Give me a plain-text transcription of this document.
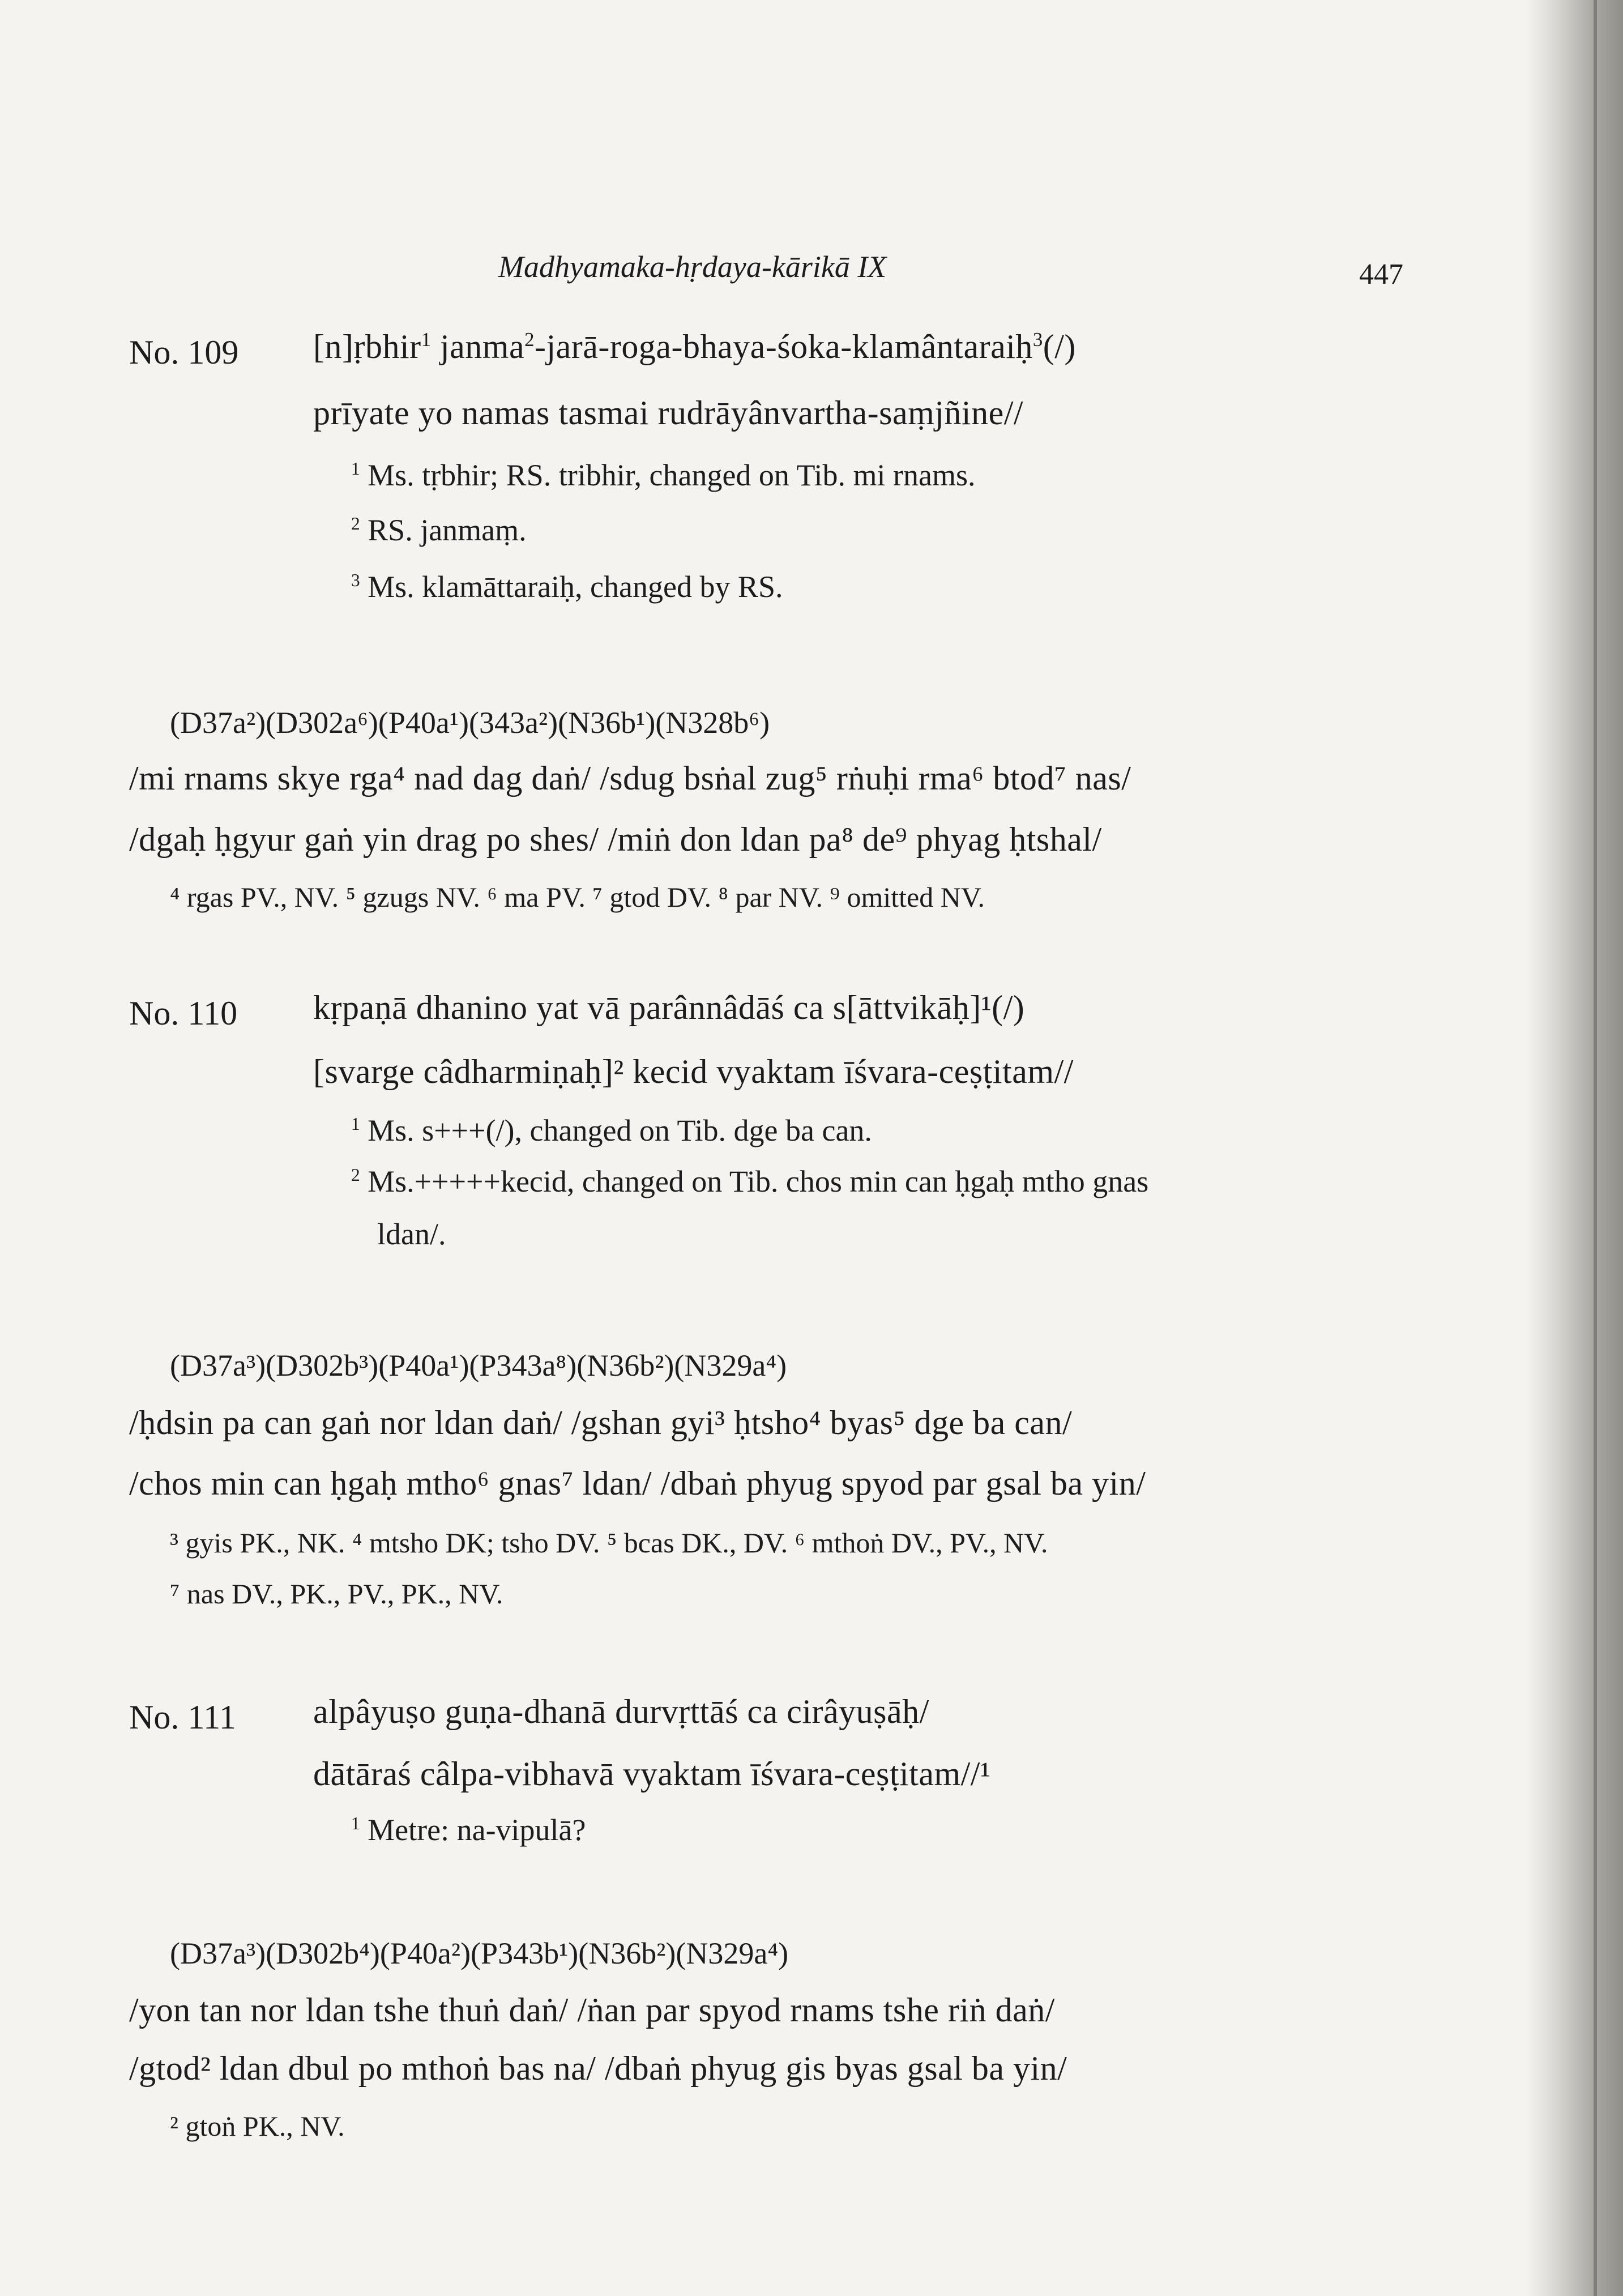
Madhyamaka-hṛdaya-kārikā IX	447
No. 109 [n]ṛbhir$^1$ janma$^2$-jarā-roga-bhaya-śoka-klamântaraiḥ$^3$(/)
prīyate yo namas tasmai rudrāyânvartha-saṃjñine//
$^1$ Ms. tṛbhir; RS. tribhir, changed on Tib. mi rnams.
$^2$ RS. janmaṃ.
$^3$ Ms. klamāttaraiḥ, changed by RS.
(D37a²)(D302a⁶)(P40a¹)(343a²)(N36b¹)(N328b⁶)
/mi rnams skye rga⁴ nad dag daṅ/ /sdug bsṅal zug⁵ rṅuḥi rma⁶ btod⁷ nas/
/dgaḥ ḥgyur gaṅ yin drag po shes/ /miṅ don ldan pa⁸ de⁹ phyag ḥtshal/
⁴ rgas PV., NV. ⁵ gzugs NV. ⁶ ma PV. ⁷ gtod DV. ⁸ par NV. ⁹ omitted NV.
No. 110 kṛpaṇā dhanino yat vā parânnâdāś ca s[āttvikāḥ]¹(/)
[svarge câdharmiṇaḥ]² kecid vyaktam īśvara-ceṣṭitam//
$^1$ Ms. s+++(/), changed on Tib. dge ba can.
$^2$ Ms.+++++kecid, changed on Tib. chos min can ḥgaḥ mtho gnas
ldan/.
(D37a³)(D302b³)(P40a¹)(P343a⁸)(N36b²)(N329a⁴)
/ḥdsin pa can gaṅ nor ldan daṅ/ /gshan gyi³ ḥtsho⁴ byas⁵ dge ba can/
/chos min can ḥgaḥ mtho⁶ gnas⁷ ldan/ /dbaṅ phyug spyod par gsal ba yin/
³ gyis PK., NK. ⁴ mtsho DK; tsho DV. ⁵ bcas DK., DV. ⁶ mthoṅ DV., PV., NV.
⁷ nas DV., PK., PV., PK., NV.
No. 111 alpâyuṣo guṇa-dhanā durvṛttāś ca cirâyuṣāḥ/
dātāraś câlpa-vibhavā vyaktam īśvara-ceṣṭitam//¹
$^1$ Metre: na-vipulā?
(D37a³)(D302b⁴)(P40a²)(P343b¹)(N36b²)(N329a⁴)
/yon tan nor ldan tshe thuṅ daṅ/ /ṅan par spyod rnams tshe riṅ daṅ/
/gtod² ldan dbul po mthoṅ bas na/ /dbaṅ phyug gis byas gsal ba yin/
² gtoṅ PK., NV.
